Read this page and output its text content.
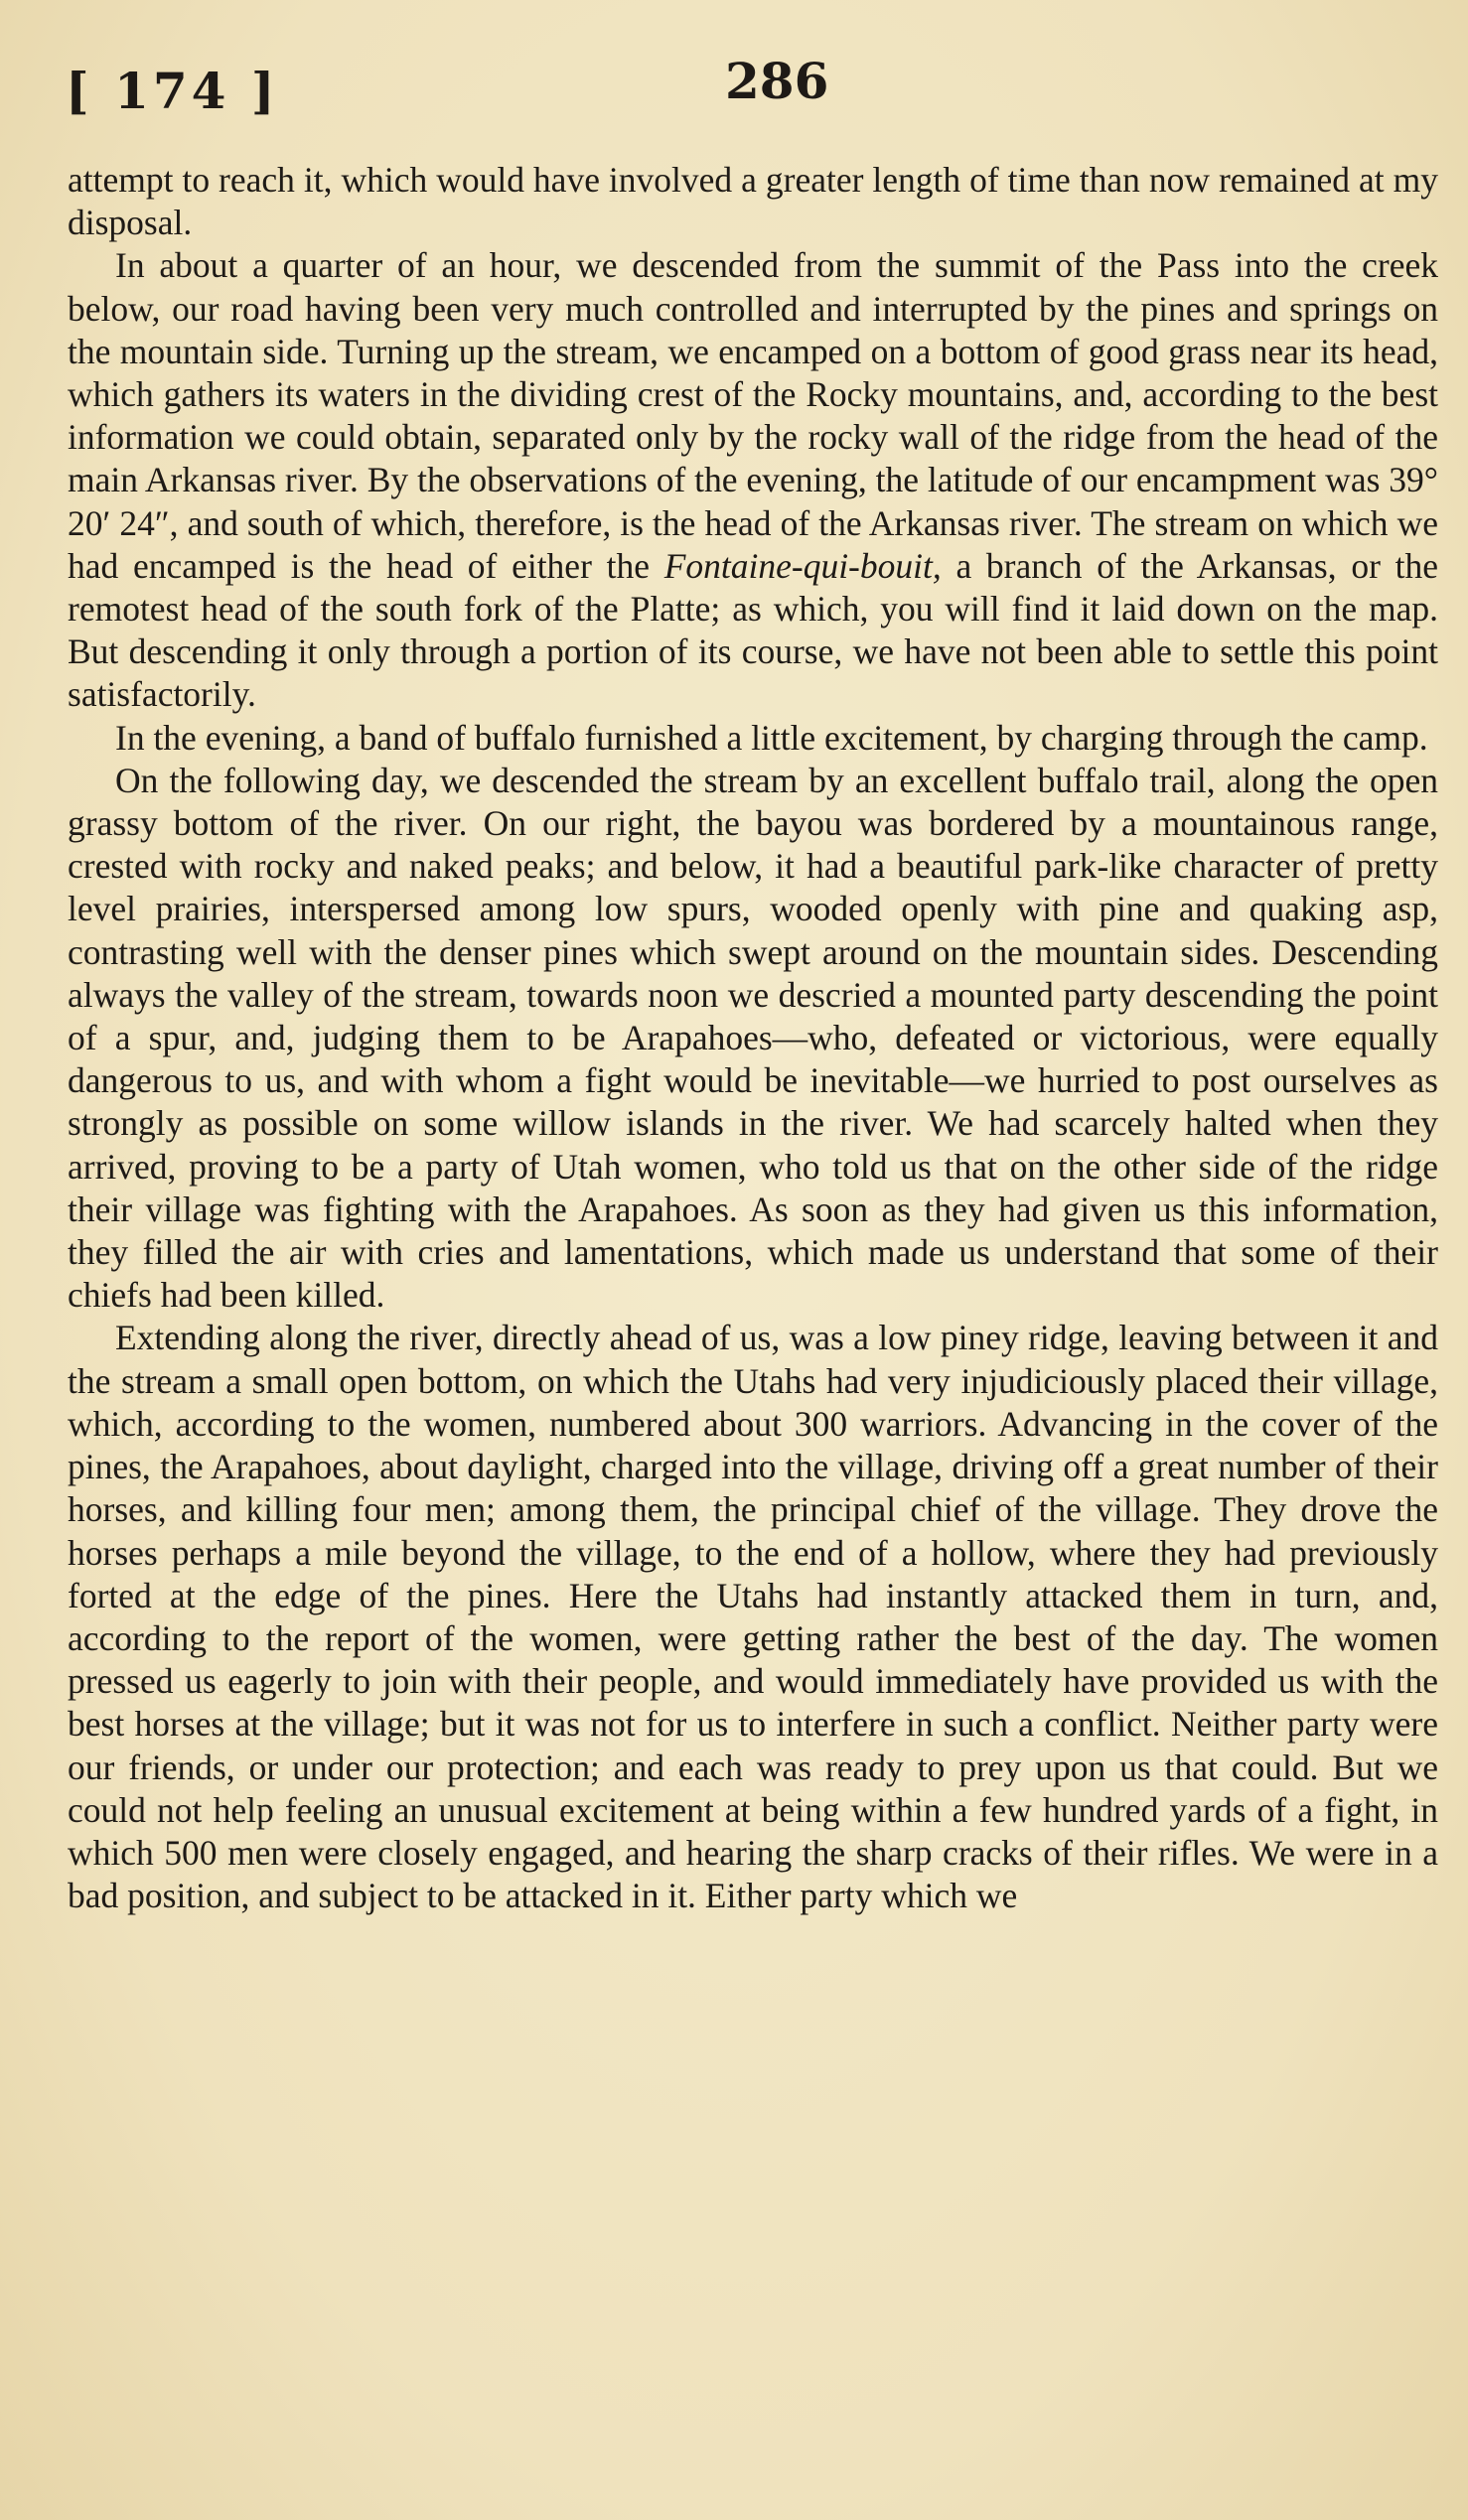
[ 174 ]	286

attempt to reach it, which would have involved a greater length of time than now remained at my disposal.

In about a quarter of an hour, we descended from the summit of the Pass into the creek below, our road having been very much controlled and interrupted by the pines and springs on the mountain side. Turning up the stream, we encamped on a bottom of good grass near its head, which gathers its waters in the dividing crest of the Rocky mountains, and, according to the best information we could obtain, separated only by the rocky wall of the ridge from the head of the main Arkansas river. By the observations of the evening, the latitude of our encampment was 39° 20′ 24″, and south of which, therefore, is the head of the Arkansas river. The stream on which we had encamped is the head of either the Fontaine-qui-bouit, a branch of the Arkansas, or the remotest head of the south fork of the Platte; as which, you will find it laid down on the map. But descending it only through a portion of its course, we have not been able to settle this point satisfactorily.

In the evening, a band of buffalo furnished a little excitement, by charging through the camp.

On the following day, we descended the stream by an excellent buffalo trail, along the open grassy bottom of the river. On our right, the bayou was bordered by a mountainous range, crested with rocky and naked peaks; and below, it had a beautiful park-like character of pretty level prairies, interspersed among low spurs, wooded openly with pine and quaking asp, contrasting well with the denser pines which swept around on the mountain sides. Descending always the valley of the stream, towards noon we descried a mounted party descending the point of a spur, and, judging them to be Arapahoes—who, defeated or victorious, were equally dangerous to us, and with whom a fight would be inevitable—we hurried to post ourselves as strongly as possible on some willow islands in the river. We had scarcely halted when they arrived, proving to be a party of Utah women, who told us that on the other side of the ridge their village was fighting with the Arapahoes. As soon as they had given us this information, they filled the air with cries and lamentations, which made us understand that some of their chiefs had been killed.

Extending along the river, directly ahead of us, was a low piney ridge, leaving between it and the stream a small open bottom, on which the Utahs had very injudiciously placed their village, which, according to the women, numbered about 300 warriors. Advancing in the cover of the pines, the Arapahoes, about daylight, charged into the village, driving off a great number of their horses, and killing four men; among them, the principal chief of the village. They drove the horses perhaps a mile beyond the village, to the end of a hollow, where they had previously forted at the edge of the pines. Here the Utahs had instantly attacked them in turn, and, according to the report of the women, were getting rather the best of the day. The women pressed us eagerly to join with their people, and would immediately have provided us with the best horses at the village; but it was not for us to interfere in such a conflict. Neither party were our friends, or under our protection; and each was ready to prey upon us that could. But we could not help feeling an unusual excitement at being within a few hundred yards of a fight, in which 500 men were closely engaged, and hearing the sharp cracks of their rifles. We were in a bad position, and subject to be attacked in it. Either party which we
